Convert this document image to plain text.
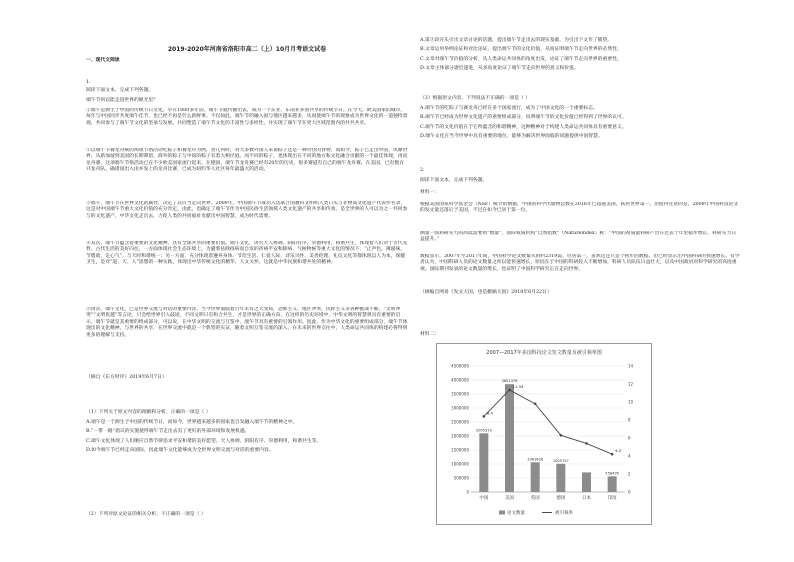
2019-2020年河南省洛阳市高二（上）10月月考语文试卷
一、现代文阅读
1.
阅读下面文本，完成下列各题。
端午节何以能走进世界的眼光里？

①端午是源生于中国的传统节日文化，早在1000多年前，端午节就传播出去，成为一个东亚、东南亚多国共享的传统节日。在今天，欧美国家的城市，每年与中国同步共度端午佳节，也已经不再是什么新鲜事。不仅如此，端午节的融入国与地区越来越多，从而使端午节的现象成为世界文化的一道独特景观，共同参与了端午节文化的坚承与发展。共同塑造了端午节文化的丰富性与多样性，并实现了端午节在更大区域范围内的共共共享。

②以端午节赛龙舟统的两项节俗活动吃粽子和赛龙舟为例，曾几何时，对大多数外国人来说粽子还是一种奇怪的食物，而如今，粽子已走出中国，风靡世界，从新加坡到美国的长期滞留，海外的粽子与中国的粽子有着大相径庭。而不同的粽子，也体现出在不同的地方和文化融合贡献的一个最佳体现，再说龙舟赛，这项端午节俗活动已在不少欧美国家流行起来。在德国，端午节龙舟赛已经有20年的历史，很多赛道有自己的端午龙舟赛。在美国，已有数百只龙舟队，确诸国出入由并发上的龙舟比赛，已成为纽约华人社区每年最盛大的活动。

③端午，端午节在世界文化的属性，决定了其应当走向世界。2009年，中国端午节成功入选联合国教科文组织人类口头与非物质文化遗产代表作名录，这是对中国端午节重大文化价值的充分肯定。由此，也确定了端午节作为中国民俗生活领域人类文化遗产的共享和传承，是全世界的人可以为之一共同参与的文化遗产，中华文化走出去，力促人类的共同福祉贡献出中国智慧，成为时代需要。

④其次，端午节蕴含着重要的文化精神，具有全球共享的重要价值。端午文化，讲究天人协调、阴阳有序、崇德利用、和谐共生，体现着人们对于古代先哲、古代生活的美好向往，一方面体现社会生态环境上，为避邪祛除疫病而自发的祈祷平安和除病、气候物候等重大文化的情况下，“止声色，薄滋味，节嗜欲，定心气”，与天时和谐统一；另一方面，充分体现着遵养身体、节俭生活、仁爱人际、诗乐兴怀、美善伦理、礼仪文化等都体现以人为本，保健卫生，是对“道、天、人”思想的一种实践，体现出中华传统文化的精华，人文关怀，这就是中华民族和谐共处的精神。

⑤再次，端午文化，已是世界交流与对话的重要内容，当今世界面临着百年未有之大变局，恐怖主义、地区冲突、民粹主义等各种挑战不断，“文明冲突”“文明优越”等言论，只会给世界引入歧途，不同文明只有和合共生，才是世界的正确方向，在这样的历史环境中，中华文明的智慧将具有重要的启示，端午节就是其重要的组成部分，可以说，在中华文明的交流与互鉴中，端午节具有重要的引领作用。因此，作为中华文化的重要组成部分，端午节体现出的文化精神，与世界的共享，在世界交流中就是一个典型的实证，随着文明互鉴交流的深入，在未来的世界交往中，人类命运共同体的构建必将得到更多的理解与支持。

（摘自《东方时评》2019年6月7日）

（1）下列关于原文内容的理解和分析，正确的一项是（ ）

A.端午是一个源生于中国的传统节日，而如今，世界越来越多的国家也自发融入端午节的精神之中。

B.“一带一路”倡议的实施使得端午节走出去有了更好的外部环境和发展机遇。

C.端午文化体现了人们顺应自然节律追求平安和谐的美好愿望，天人协调、阴阳有序、崇德利用，和谐共生等。

D.如今端午节已经走向国际，因此端午文化能够成为全世界文明交流与对话的重要内容。

（2）下列对原文论证的相关分析，不正确的一项是（ ）

A.第③段开头引出文章讨论的话题，提出端午节走出去的现实基础，为引出下文作了铺垫。

B.文章运用举例论证和对比论证，提出端午节的文化价值，从而证明端午节走向世界的必然性。

C.文章对端午节价值的分析，从人类命运共同体的角度出发，论证了端午节走向世界的重要性。

D.文章主体部分逐层递进，从多角度论证了端午节走向世界的意义和价值。

（3）根据原文内容，下列说法不正确的一项是（ ）

A.端午节的吃粽子与赛龙舟已经在多个国家流行，成为了中国文化的一个重要标志。

B.端午节已经成为世界文化遗产的重要组成部分，说明端午节的文化价值已经得到了世界的认可。

C.端午节的文化价值在于它所蕴含的和谐精神，这种精神对于构建人类命运共同体具有重要意义。

D.端午文化在当今世界中具有重要的地位，能够为解决世界面临的问题提供中国智慧。

2.
阅读下面文本，完成下列各题。
材料一：

根据美国国家科学基金会（NSF）统计的数据，中国的科学出版物总数在2016年已超越美国，跃居世界第一。但值得注意的是，2008年中国科技论文的发文量还落后于美国，不过在如今已居于第一位。

测量一国科研实力的高低需要看“数量”，国际权威机构“自然指数”（Natureindex）称：“中国的高质量科研产出在过去十年里稳步增长，科研实力日益提升。”

数据显示，2007年至2017年间，中国科学论文数量从由约2319篇，位居第一，虽然这还只是个初步的数据，但已经显示出中国科研的快速增长。有学者认为，中国科研人员的论文数量之所以能快速增长，原因在于中国的科研投入不断增加，科研人员队伍日益壮大，以及中国政府对科学研究的高度重视。国际期刊发表的论文数量的增长，也证明了中国科学研究正在走向世界。

（摘编自网易《发文大国，也是撤稿大国》2018年6月22日）

材料二：
2007—2017年多国科技论文发文数量及被引频率图
4500000
4000000
3500000
3000000
2500000
2000000
1500000
1000000
500000
0
14
12
10
8
6
4
2
0
2095373
3851376
1061626	1005757
558495
8.4
11.34
4.2
中国	美国	英国	德国	日本	印度
论文数量	被引频率
